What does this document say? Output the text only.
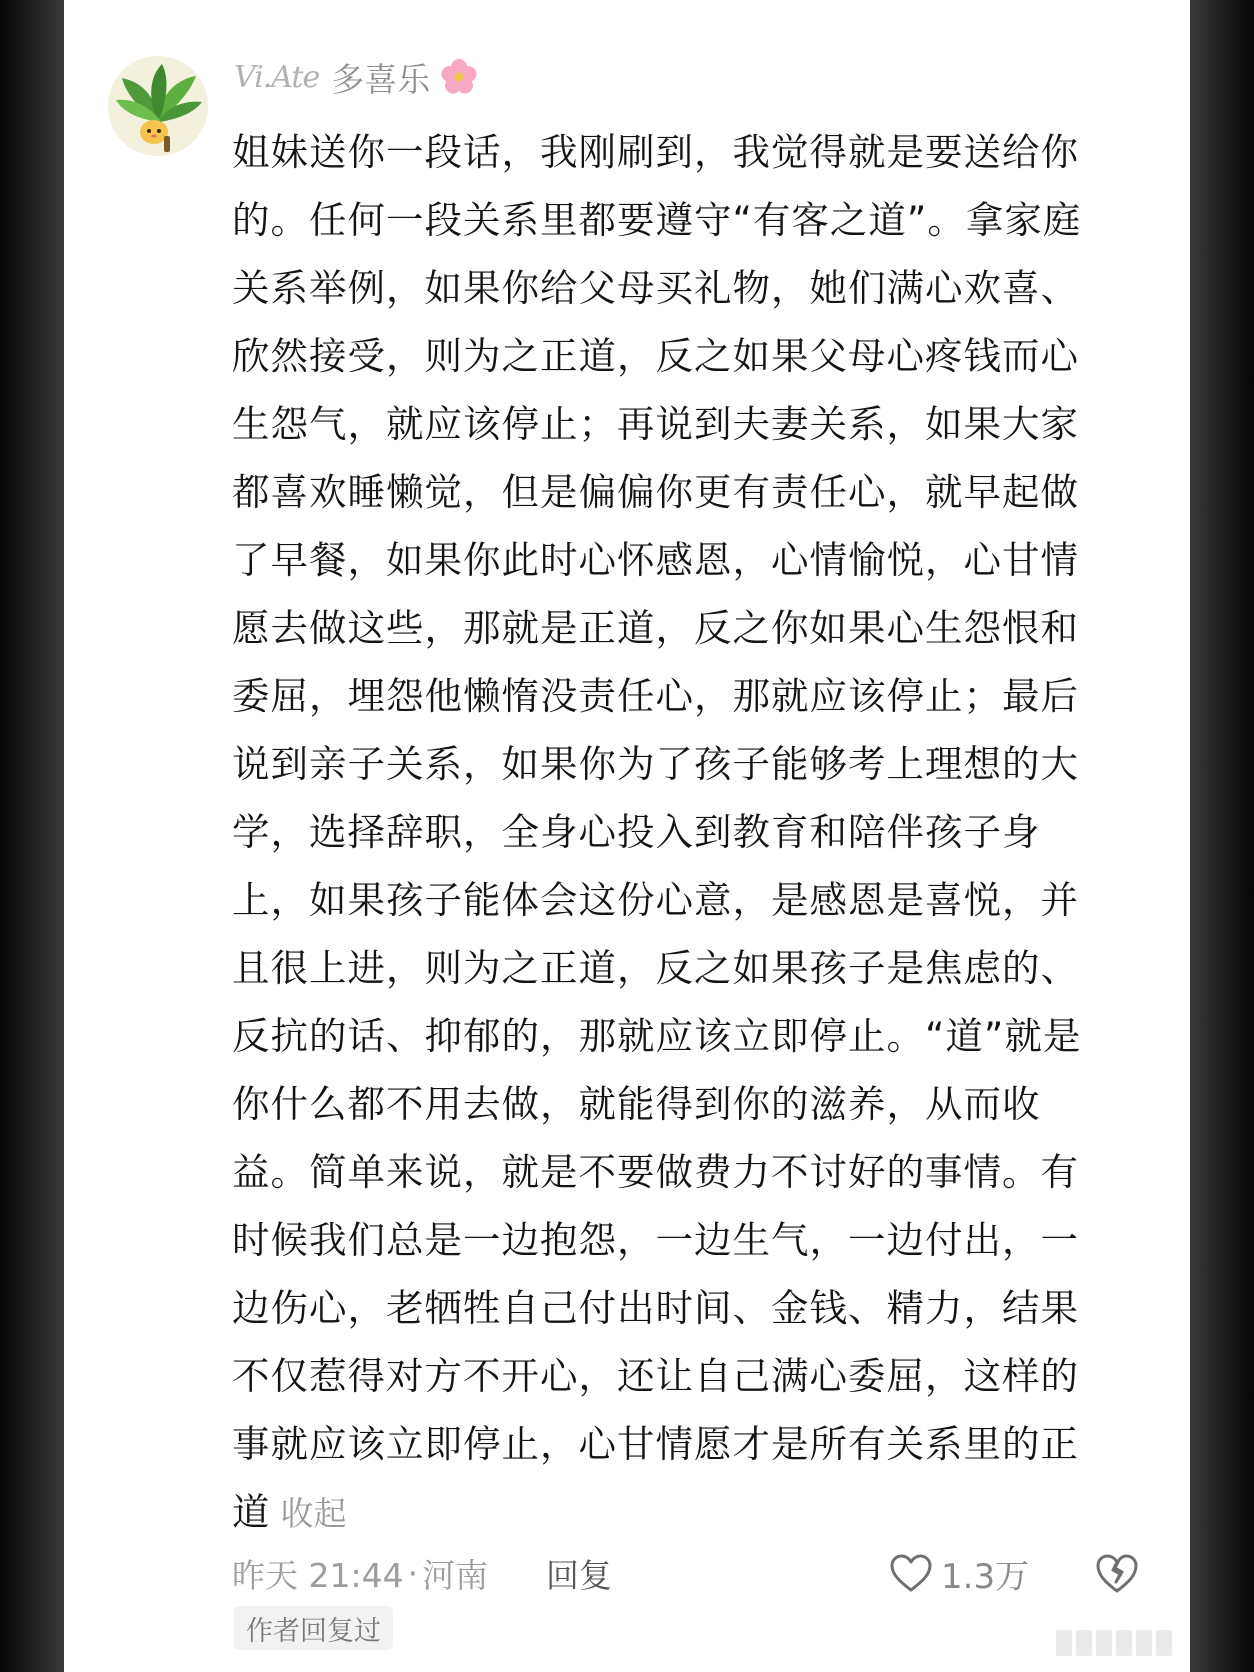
Vi.Ate 多喜乐
姐妹送你一段话，我刚刷到，我觉得就是要送给你
的。任何一段关系里都要遵守“有客之道”。拿家庭
关系举例，如果你给父母买礼物，她们满心欢喜、
欣然接受，则为之正道，反之如果父母心疼钱而心
生怨气，就应该停止；再说到夫妻关系，如果大家
都喜欢睡懒觉，但是偏偏你更有责任心，就早起做
了早餐，如果你此时心怀感恩，心情愉悦，心甘情
愿去做这些，那就是正道，反之你如果心生怨恨和
委屈，埋怨他懒惰没责任心，那就应该停止；最后
说到亲子关系，如果你为了孩子能够考上理想的大
学，选择辞职，全身心投入到教育和陪伴孩子身
上，如果孩子能体会这份心意，是感恩是喜悦，并
且很上进，则为之正道，反之如果孩子是焦虑的、
反抗的话、抑郁的，那就应该立即停止。“道”就是
你什么都不用去做，就能得到你的滋养，从而收
益。简单来说，就是不要做费力不讨好的事情。有
时候我们总是一边抱怨，一边生气，一边付出，一
边伤心，老牺牲自己付出时间、金钱、精力，结果
不仅惹得对方不开心，还让自己满心委屈，这样的
事就应该立即停止，心甘情愿才是所有关系里的正
道 收起
昨天 21:44 · 河南 回复	1.3万
作者回复过
